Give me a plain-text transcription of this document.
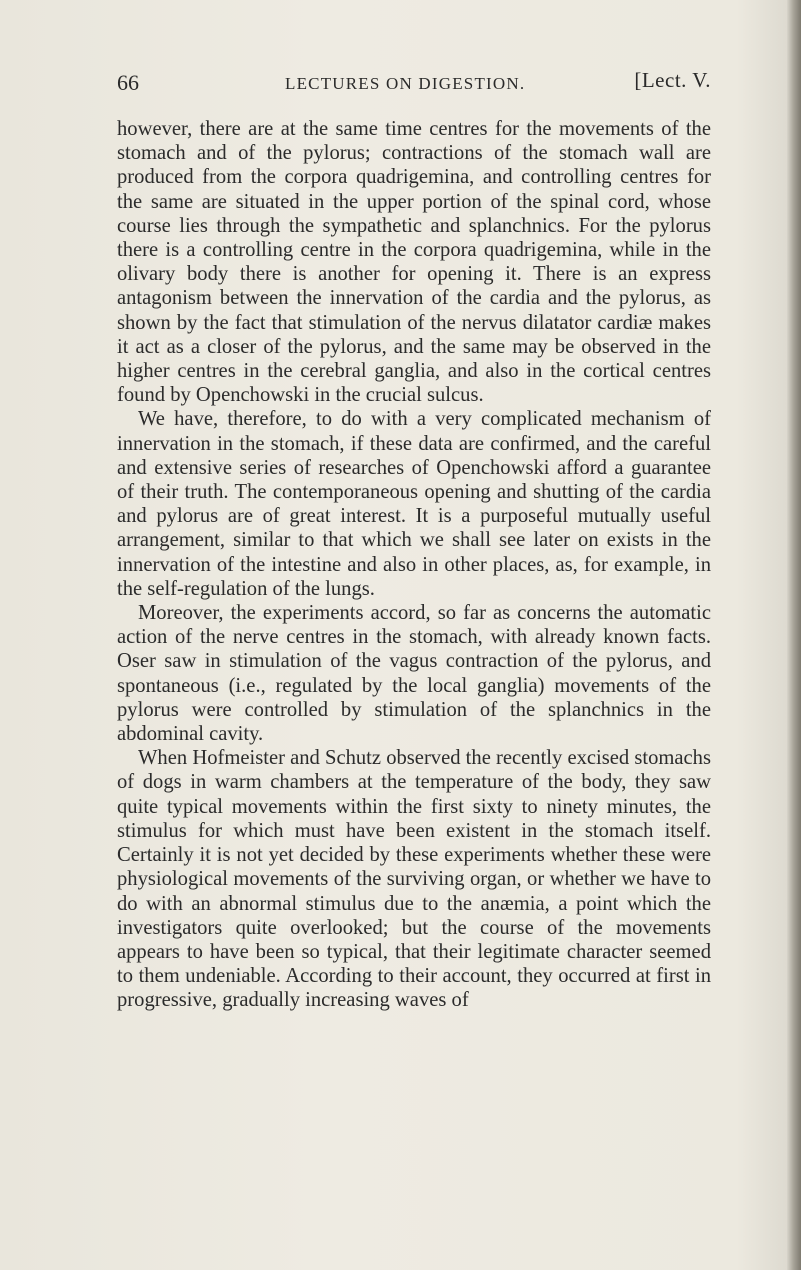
66	LECTURES ON DIGESTION.	[Lect. V.

however, there are at the same time centres for the movements of the stomach and of the pylorus; contractions of the stomach wall are produced from the corpora quadrigemina, and controlling centres for the same are situated in the upper portion of the spinal cord, whose course lies through the sympathetic and splanchnics. For the pylorus there is a controlling centre in the corpora quadrigemina, while in the olivary body there is another for opening it. There is an express antagonism between the innervation of the cardia and the pylorus, as shown by the fact that stimulation of the nervus dilatator cardiæ makes it act as a closer of the pylorus, and the same may be observed in the higher centres in the cerebral ganglia, and also in the cortical centres found by Openchowski in the crucial sulcus.

We have, therefore, to do with a very complicated mechanism of innervation in the stomach, if these data are confirmed, and the careful and extensive series of researches of Openchowski afford a guarantee of their truth. The contemporaneous opening and shutting of the cardia and pylorus are of great interest. It is a purposeful mutually useful arrangement, similar to that which we shall see later on exists in the innervation of the intestine and also in other places, as, for example, in the self-regulation of the lungs.

Moreover, the experiments accord, so far as concerns the automatic action of the nerve centres in the stomach, with already known facts. Oser saw in stimulation of the vagus contraction of the pylorus, and spontaneous (i.e., regulated by the local ganglia) movements of the pylorus were controlled by stimulation of the splanchnics in the abdominal cavity.

When Hofmeister and Schutz observed the recently excised stomachs of dogs in warm chambers at the temperature of the body, they saw quite typical movements within the first sixty to ninety minutes, the stimulus for which must have been existent in the stomach itself. Certainly it is not yet decided by these experiments whether these were physiological movements of the surviving organ, or whether we have to do with an abnormal stimulus due to the anæmia, a point which the investigators quite overlooked; but the course of the movements appears to have been so typical, that their legitimate character seemed to them undeniable. According to their account, they occurred at first in progressive, gradually increasing waves of
